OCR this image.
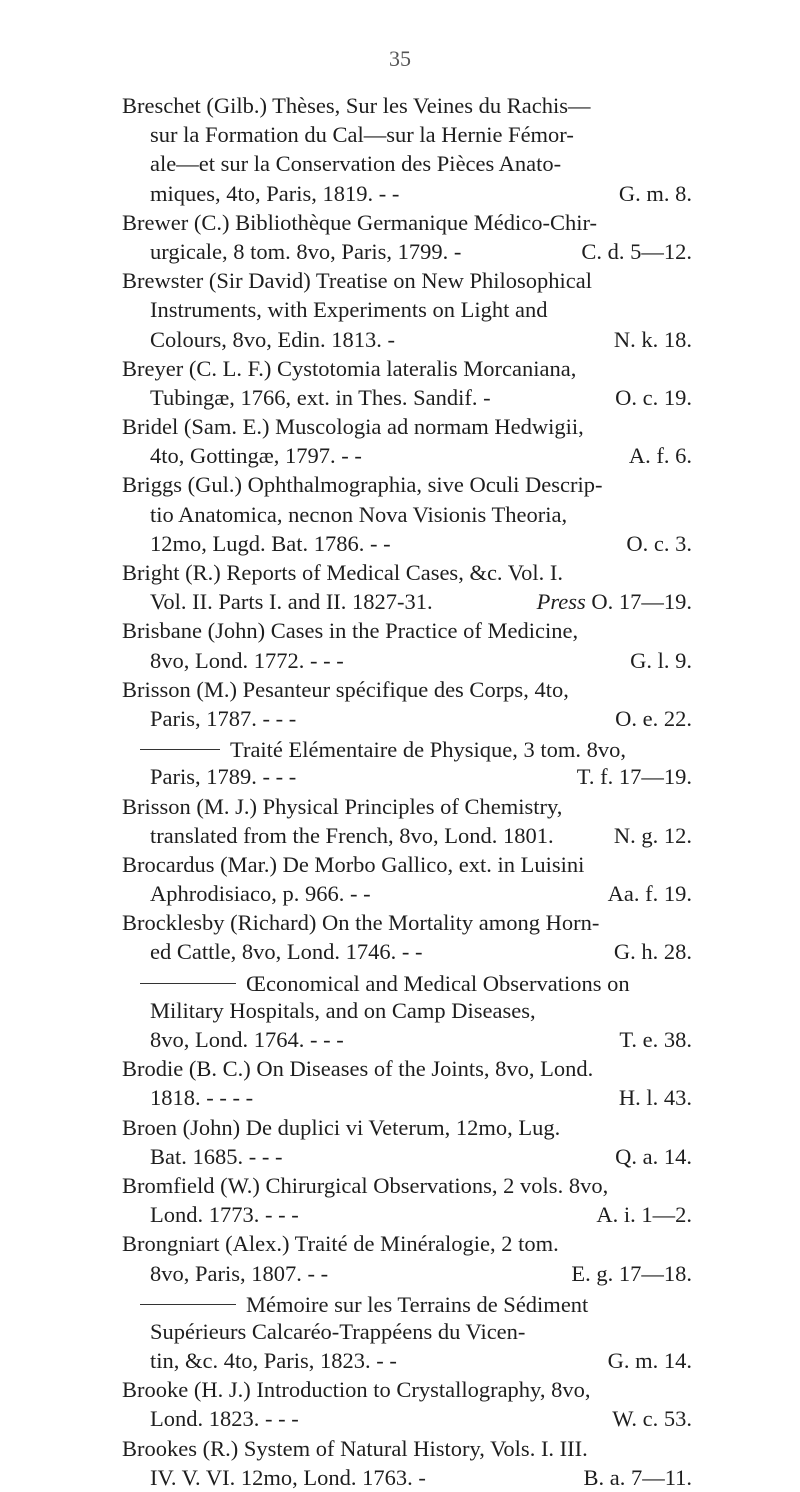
35
Breschet (Gilb.) Thèses, Sur les Veines du Rachis—
sur la Formation du Cal—sur la Hernie Fémor-
ale—et sur la Conservation des Pièces Anato-
miques, 4to, Paris, 1819. - -	G. m. 8.
Brewer (C.) Bibliothèque Germanique Médico-Chir-
urgicale, 8 tom. 8vo, Paris, 1799. -	C. d. 5—12.
Brewster (Sir David) Treatise on New Philosophical
Instruments, with Experiments on Light and
Colours, 8vo, Edin. 1813. -	N. k. 18.
Breyer (C. L. F.) Cystotomia lateralis Morcaniana,
Tubingæ, 1766, ext. in Thes. Sandif. -	O. c. 19.
Bridel (Sam. E.) Muscologia ad normam Hedwigii,
4to, Gottingæ, 1797. - -	A. f. 6.
Briggs (Gul.) Ophthalmographia, sive Oculi Descrip-
tio Anatomica, necnon Nova Visionis Theoria,
12mo, Lugd. Bat. 1786. - -	O. c. 3.
Bright (R.) Reports of Medical Cases, &c. Vol. I.
Vol. II. Parts I. and II. 1827-31.	Press O. 17—19.
Brisbane (John) Cases in the Practice of Medicine,
8vo, Lond. 1772. - - -	G. l. 9.
Brisson (M.) Pesanteur spécifique des Corps, 4to,
Paris, 1787. - - -	O. e. 22.
Traité Elémentaire de Physique, 3 tom. 8vo,
Paris, 1789. - - -	T. f. 17—19.
Brisson (M. J.) Physical Principles of Chemistry,
translated from the French, 8vo, Lond. 1801.	N. g. 12.
Brocardus (Mar.) De Morbo Gallico, ext. in Luisini
Aphrodisiaco, p. 966. - -	Aa. f. 19.
Brocklesby (Richard) On the Mortality among Horn-
ed Cattle, 8vo, Lond. 1746. - -	G. h. 28.
Œconomical and Medical Observations on
Military Hospitals, and on Camp Diseases,
8vo, Lond. 1764. - - -	T. e. 38.
Brodie (B. C.) On Diseases of the Joints, 8vo, Lond.
1818. - - - -	H. l. 43.
Broen (John) De duplici vi Veterum, 12mo, Lug.
Bat. 1685. - - -	Q. a. 14.
Bromfield (W.) Chirurgical Observations, 2 vols. 8vo,
Lond. 1773. - - -	A. i. 1—2.
Brongniart (Alex.) Traité de Minéralogie, 2 tom.
8vo, Paris, 1807. - -	E. g. 17—18.
Mémoire sur les Terrains de Sédiment
Supérieurs Calcaréo-Trappéens du Vicen-
tin, &c. 4to, Paris, 1823. - -	G. m. 14.
Brooke (H. J.) Introduction to Crystallography, 8vo,
Lond. 1823. - - -	W. c. 53.
Brookes (R.) System of Natural History, Vols. I. III.
IV. V. VI. 12mo, Lond. 1763. -	B. a. 7—11.
